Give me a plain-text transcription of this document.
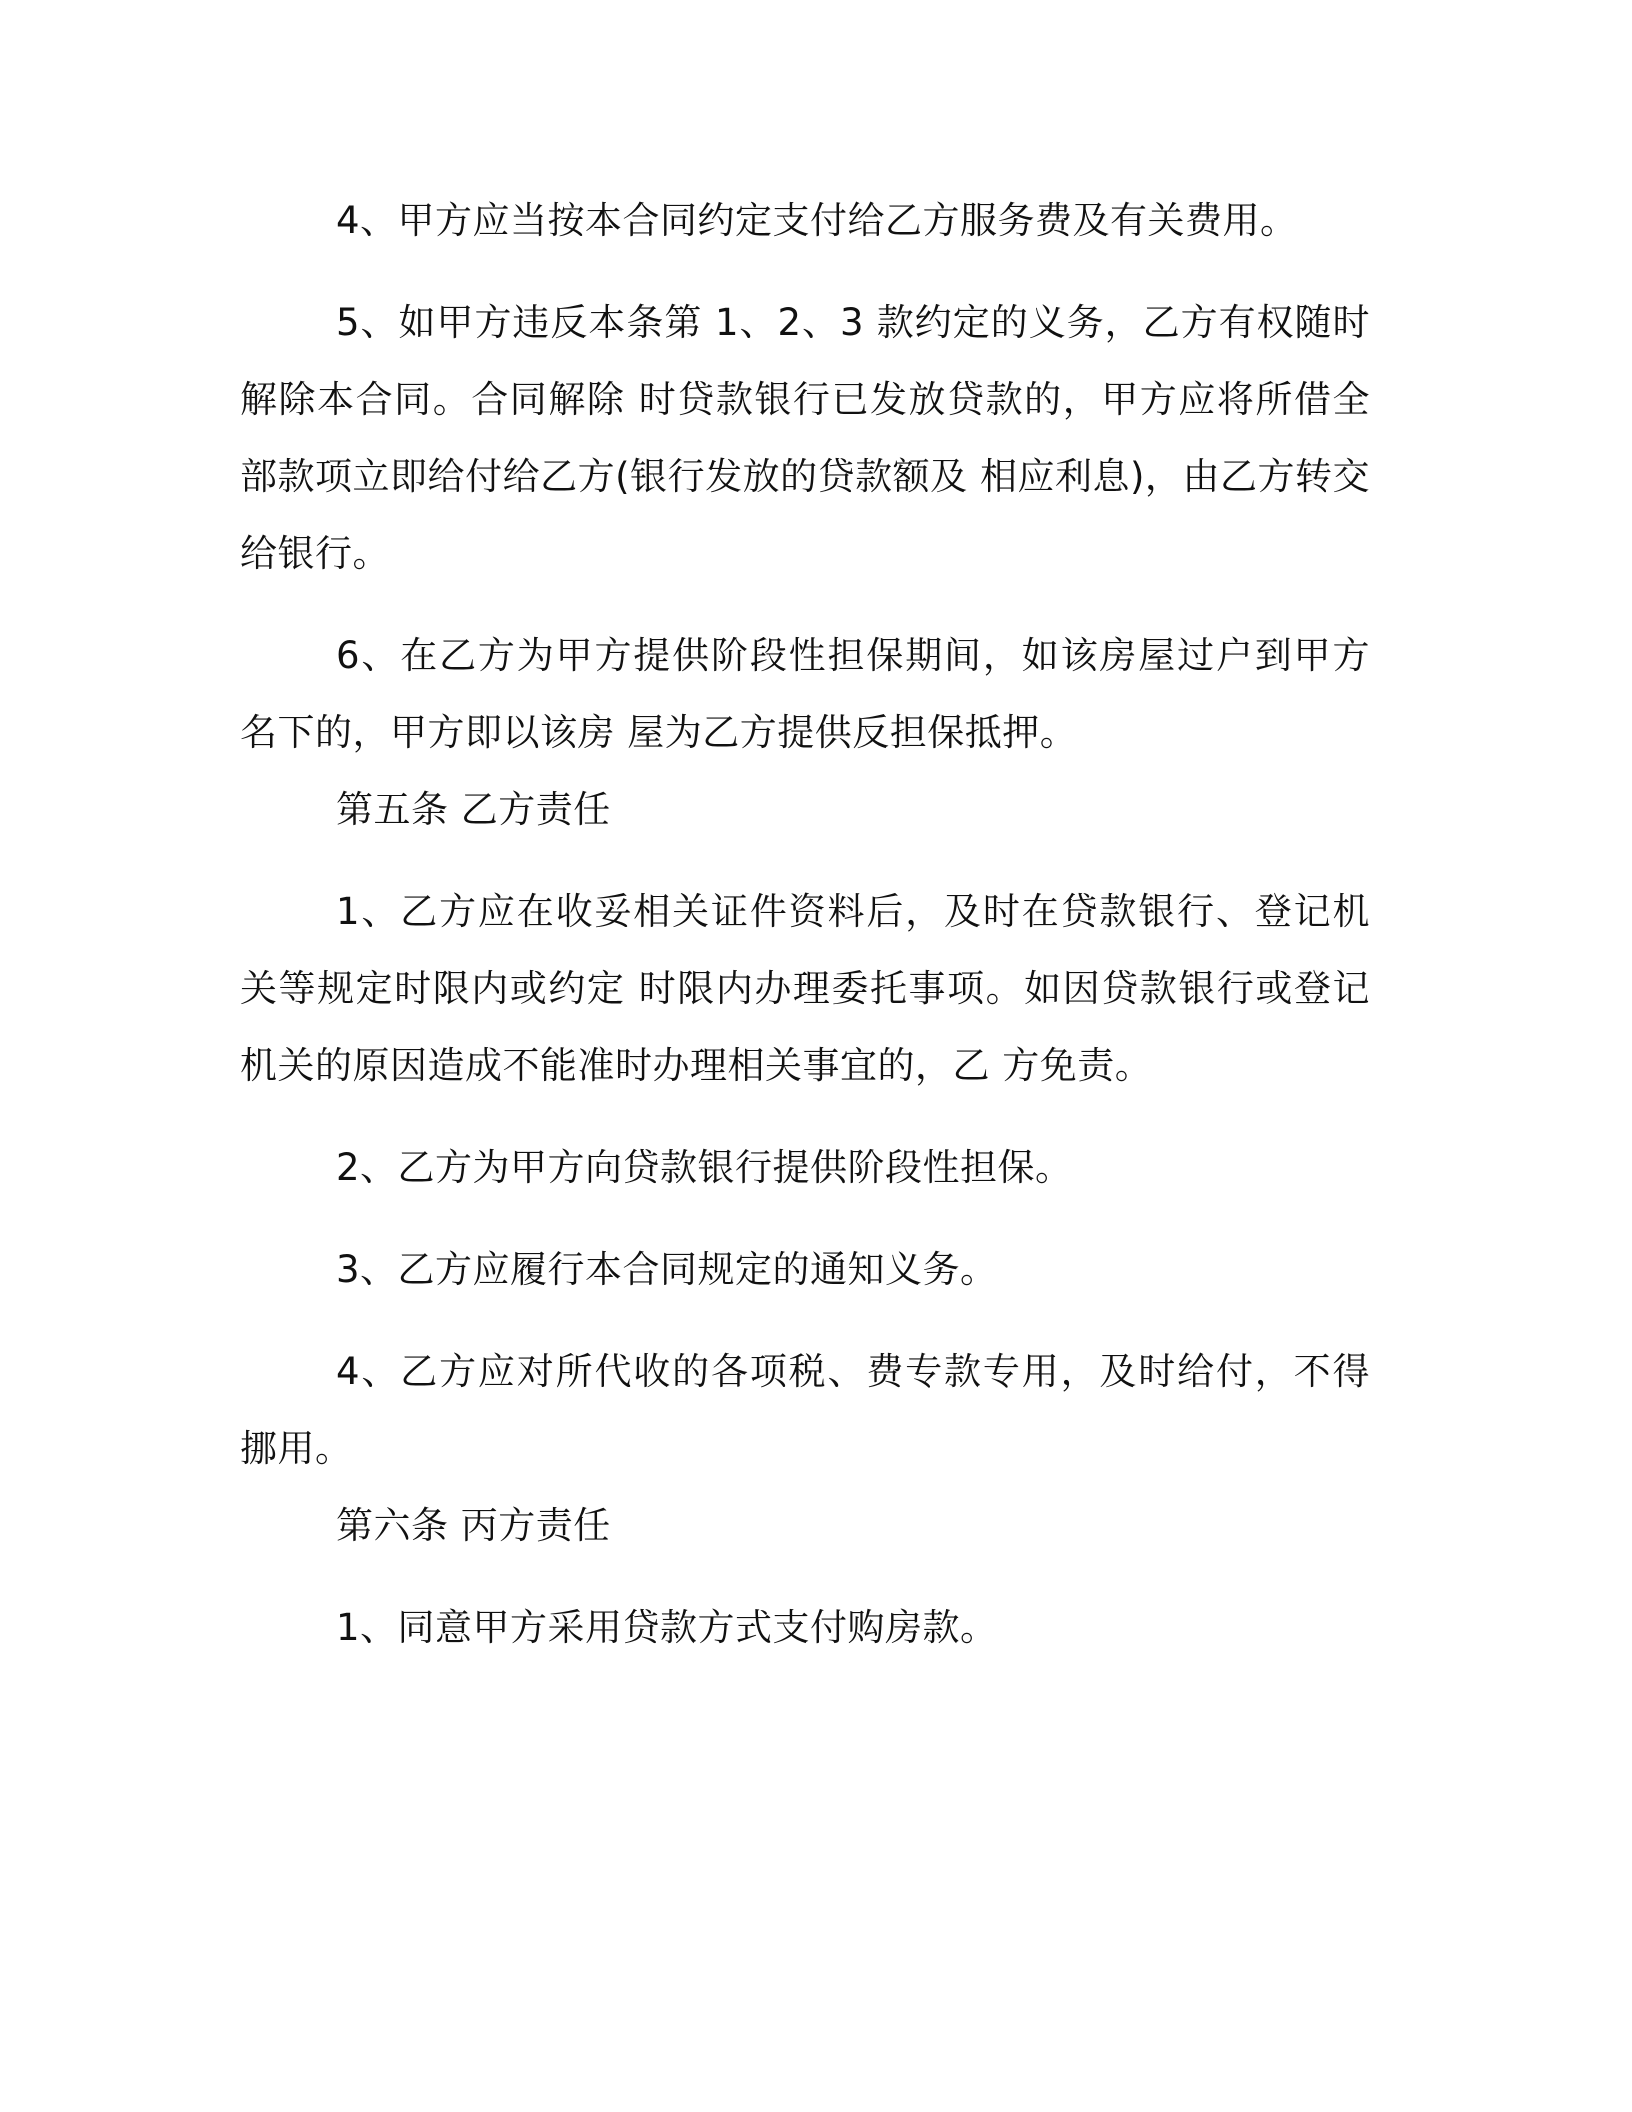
4、甲方应当按本合同约定支付给乙方服务费及有关费用。

5、如甲方违反本条第 1、2、3 款约定的义务，乙方有权随时解除本合同。合同解除 时贷款银行已发放贷款的，甲方应将所借全部款项立即给付给乙方(银行发放的贷款额及 相应利息)，由乙方转交给银行。

6、在乙方为甲方提供阶段性担保期间，如该房屋过户到甲方名下的，甲方即以该房 屋为乙方提供反担保抵押。

第五条 乙方责任

1、乙方应在收妥相关证件资料后，及时在贷款银行、登记机关等规定时限内或约定 时限内办理委托事项。如因贷款银行或登记机关的原因造成不能准时办理相关事宜的，乙 方免责。

2、乙方为甲方向贷款银行提供阶段性担保。

3、乙方应履行本合同规定的通知义务。

4、乙方应对所代收的各项税、费专款专用，及时给付，不得挪用。

第六条 丙方责任

1、同意甲方采用贷款方式支付购房款。
